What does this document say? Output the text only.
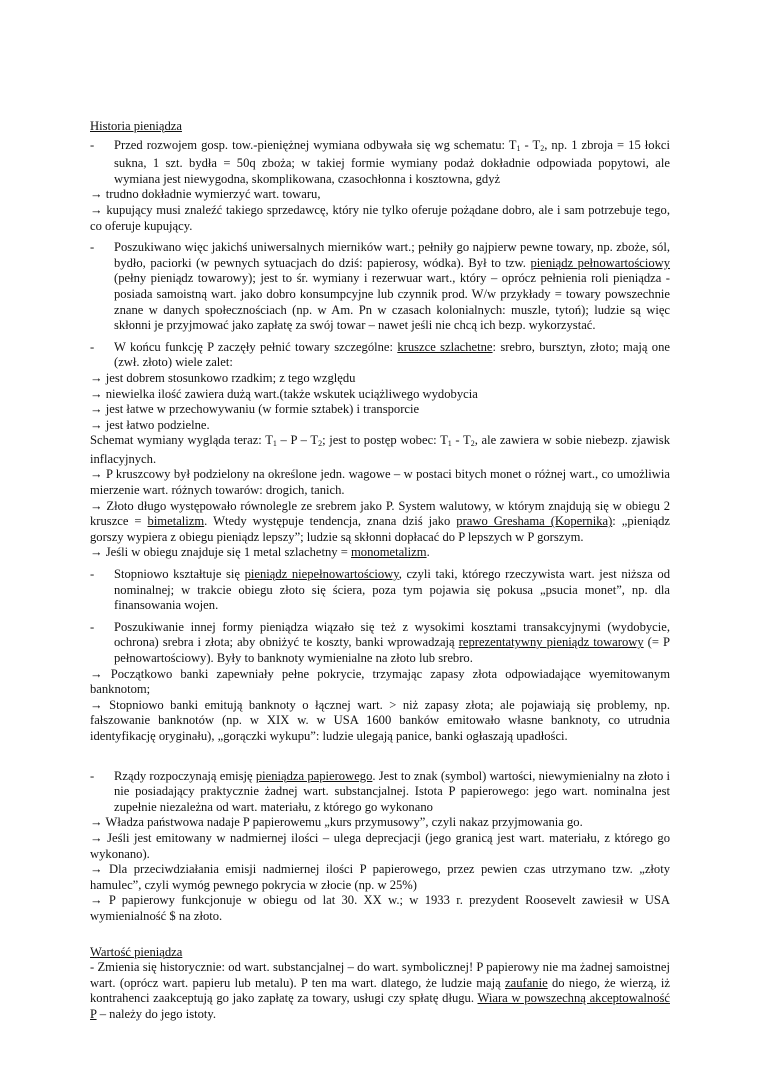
Historia pieniądza
- Przed rozwojem gosp. tow.-pieniężnej wymiana odbywała się wg schematu: $T_1 - T_2$, np. 1 zbroja = 15 łokci sukna, 1 szt. bydła = 50q zboża; w takiej formie wymiany podaż dokładnie odpowiada popytowi, ale wymiana jest niewygodna, skomplikowana, czasochłonna i kosztowna, gdyż
→ trudno dokładnie wymierzyć wart. towaru,
→ kupujący musi znaleźć takiego sprzedawcę, który nie tylko oferuje pożądane dobro, ale i sam potrzebuje tego, co oferuje kupujący.
- Poszukiwano więc jakichś uniwersalnych mierników wart.; pełniły go najpierw pewne towary, np. zboże, sól, bydło, paciorki (w pewnych sytuacjach do dziś: papierosy, wódka). Był to tzw. pieniądz pełnowartościowy (pełny pieniądz towarowy); jest to śr. wymiany i rezerwuar wart., który – oprócz pełnienia roli pieniądza - posiada samoistną wart. jako dobro konsumpcyjne lub czynnik prod. W/w przykłady = towary powszechnie znane w danych społecznościach (np. w Am. Pn w czasach kolonialnych: muszle, tytoń); ludzie są więc skłonni je przyjmować jako zapłatę za swój towar – nawet jeśli nie chcą ich bezp. wykorzystać.
- W końcu funkcję P zaczęły pełnić towary szczególne: kruszce szlachetne: srebro, bursztyn, złoto; mają one (zwł. złoto) wiele zalet:
→ jest dobrem stosunkowo rzadkim; z tego względu
→ niewielka ilość zawiera dużą wart.(także wskutek uciążliwego wydobycia
→ jest łatwe w przechowywaniu (w formie sztabek) i transporcie
→ jest łatwo podzielne.
Schemat wymiany wygląda teraz: $T_1$ – P – $T_2$; jest to postęp wobec: $T_1 - T_2$, ale zawiera w sobie niebezp. zjawisk inflacyjnych.
→ P kruszcowy był podzielony na określone jedn. wagowe – w postaci bitych monet o różnej wart., co umożliwia mierzenie wart. różnych towarów: drogich, tanich.
→ Złoto długo występowało równolegle ze srebrem jako P. System walutowy, w którym znajdują się w obiegu 2 kruszce = bimetalizm. Wtedy występuje tendencja, znana dziś jako prawo Greshama (Kopernika): „pieniądz gorszy wypiera z obiegu pieniądz lepszy”; ludzie są skłonni dopłacać do P lepszych w P gorszym.
→ Jeśli w obiegu znajduje się 1 metal szlachetny = monometalizm.
- Stopniowo kształtuje się pieniądz niepełnowartościowy, czyli taki, którego rzeczywista wart. jest niższa od nominalnej; w trakcie obiegu złoto się ściera, poza tym pojawia się pokusa „psucia monet”, np. dla finansowania wojen.
- Poszukiwanie innej formy pieniądza wiązało się też z wysokimi kosztami transakcyjnymi (wydobycie, ochrona) srebra i złota; aby obniżyć te koszty, banki wprowadzają reprezentatywny pieniądz towarowy (= P pełnowartościowy). Były to banknoty wymienialne na złoto lub srebro.
→ Początkowo banki zapewniały pełne pokrycie, trzymając zapasy złota odpowiadające wyemitowanym banknotom;
→ Stopniowo banki emitują banknoty o łącznej wart. > niż zapasy złota; ale pojawiają się problemy, np. fałszowanie banknotów (np. w XIX w. w USA 1600 banków emitowało własne banknoty, co utrudnia identyfikację oryginału), „gorączki wykupu”: ludzie ulegają panice, banki ogłaszają upadłości.
- Rządy rozpoczynają emisję pieniądza papierowego. Jest to znak (symbol) wartości, niewymienialny na złoto i nie posiadający praktycznie żadnej wart. substancjalnej. Istota P papierowego: jego wart. nominalna jest zupełnie niezależna od wart. materiału, z którego go wykonano
→ Władza państwowa nadaje P papierowemu „kurs przymusowy”, czyli nakaz przyjmowania go.
→ Jeśli jest emitowany w nadmiernej ilości – ulega deprecjacji (jego granicą jest wart. materiału, z którego go wykonano).
→ Dla przeciwdziałania emisji nadmiernej ilości P papierowego, przez pewien czas utrzymano tzw. „złoty hamulec”, czyli wymóg pewnego pokrycia w złocie (np. w 25%)
→ P papierowy funkcjonuje w obiegu od lat 30. XX w.; w 1933 r. prezydent Roosevelt zawiesił w USA wymienialność $ na złoto.
Wartość pieniądza
- Zmienia się historycznie: od wart. substancjalnej – do wart. symbolicznej! P papierowy nie ma żadnej samoistnej wart. (oprócz wart. papieru lub metalu). P ten ma wart. dlatego, że ludzie mają zaufanie do niego, że wierzą, iż kontrahenci zaakceptują go jako zapłatę za towary, usługi czy spłatę długu. Wiara w powszechną akceptowalność P – należy do jego istoty.
